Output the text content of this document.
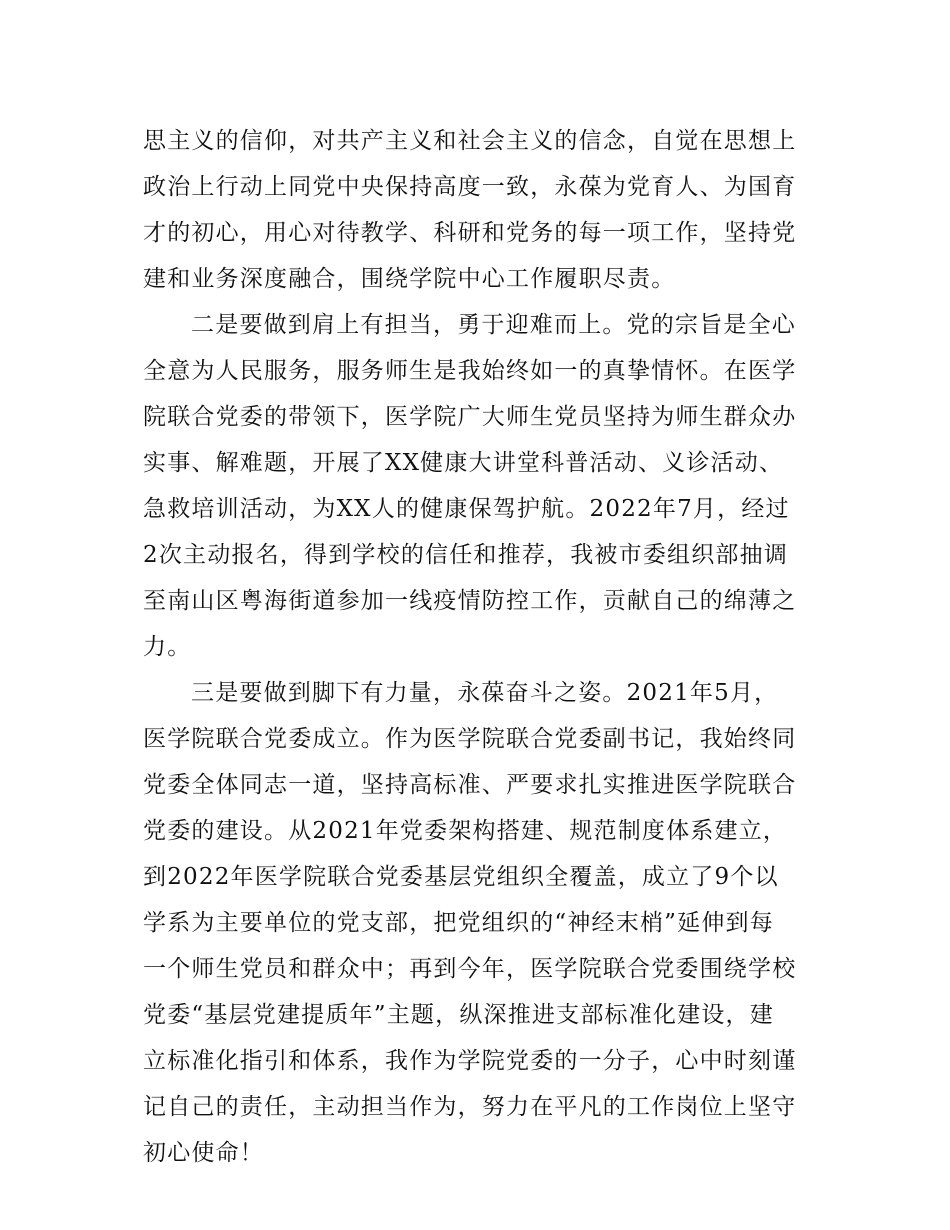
思主义的信仰，对共产主义和社会主义的信念，自觉在思想上
政治上行动上同党中央保持高度一致，永葆为党育人、为国育
才的初心，用心对待教学、科研和党务的每一项工作，坚持党
建和业务深度融合，围绕学院中心工作履职尽责。
二是要做到肩上有担当，勇于迎难而上。党的宗旨是全心
全意为人民服务，服务师生是我始终如一的真挚情怀。在医学
院联合党委的带领下，医学院广大师生党员坚持为师生群众办
实事、解难题，开展了XX健康大讲堂科普活动、义诊活动、
急救培训活动，为XX人的健康保驾护航。2022年7月，经过
2次主动报名，得到学校的信任和推荐，我被市委组织部抽调
至南山区粤海街道参加一线疫情防控工作，贡献自己的绵薄之
力。
三是要做到脚下有力量，永葆奋斗之姿。2021年5月，
医学院联合党委成立。作为医学院联合党委副书记，我始终同
党委全体同志一道，坚持高标准、严要求扎实推进医学院联合
党委的建设。从2021年党委架构搭建、规范制度体系建立，
到2022年医学院联合党委基层党组织全覆盖，成立了9个以
学系为主要单位的党支部，把党组织的“神经末梢”延伸到每
一个师生党员和群众中；再到今年，医学院联合党委围绕学校
党委“基层党建提质年”主题，纵深推进支部标准化建设，建
立标准化指引和体系，我作为学院党委的一分子，心中时刻谨
记自己的责任，主动担当作为，努力在平凡的工作岗位上坚守
初心使命！
